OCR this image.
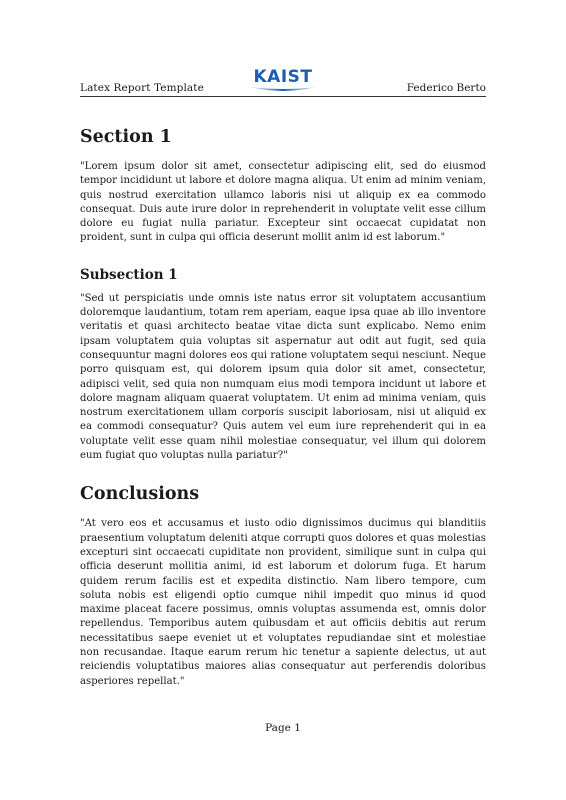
Latex Report Template
KAIST
Federico Berto
Section 1

"Lorem ipsum dolor sit amet, consectetur adipiscing elit, sed do eiusmod tempor incididunt ut labore et dolore magna aliqua. Ut enim ad minim veniam, quis nostrud exercitation ullamco laboris nisi ut aliquip ex ea commodo consequat. Duis aute irure dolor in reprehenderit in voluptate velit esse cillum dolore eu fugiat nulla pariatur. Excepteur sint occaecat cupidatat non proident, sunt in culpa qui officia deserunt mollit anim id est laborum."

Subsection 1

"Sed ut perspiciatis unde omnis iste natus error sit voluptatem accusantium doloremque laudantium, totam rem aperiam, eaque ipsa quae ab illo inventore veritatis et quasi architecto beatae vitae dicta sunt explicabo. Nemo enim ipsam voluptatem quia voluptas sit aspernatur aut odit aut fugit, sed quia consequuntur magni dolores eos qui ratione voluptatem sequi nesciunt. Neque porro quisquam est, qui dolorem ipsum quia dolor sit amet, consectetur, adipisci velit, sed quia non numquam eius modi tempora incidunt ut labore et dolore magnam aliquam quaerat voluptatem. Ut enim ad minima veniam, quis nostrum exercitationem ullam corporis suscipit laboriosam, nisi ut aliquid ex ea commodi consequatur? Quis autem vel eum iure reprehenderit qui in ea voluptate velit esse quam nihil molestiae consequatur, vel illum qui dolorem eum fugiat quo voluptas nulla pariatur?"

Conclusions

"At vero eos et accusamus et iusto odio dignissimos ducimus qui blanditiis praesentium voluptatum deleniti atque corrupti quos dolores et quas molestias excepturi sint occaecati cupiditate non provident, similique sunt in culpa qui officia deserunt mollitia animi, id est laborum et dolorum fuga. Et harum quidem rerum facilis est et expedita distinctio. Nam libero tempore, cum soluta nobis est eligendi optio cumque nihil impedit quo minus id quod maxime placeat facere possimus, omnis voluptas assumenda est, omnis dolor repellendus. Temporibus autem quibusdam et aut officiis debitis aut rerum necessitatibus saepe eveniet ut et voluptates repudiandae sint et molestiae non recusandae. Itaque earum rerum hic tenetur a sapiente delectus, ut aut reiciendis voluptatibus maiores alias consequatur aut perferendis doloribus asperiores repellat."

Page 1
